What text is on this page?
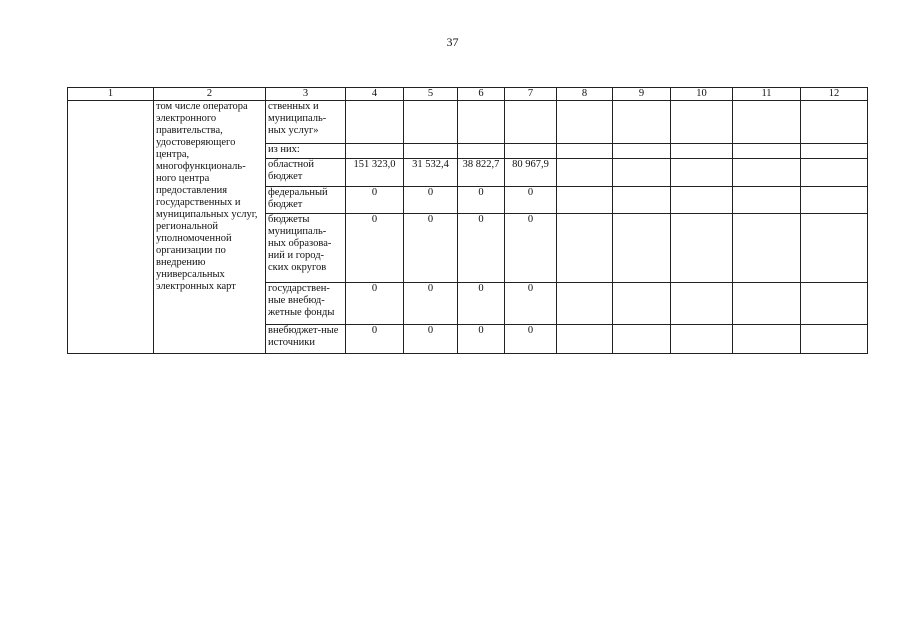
37
1	2	3	4	5	6	7	8	9	10	11	12
	том числе оператора электронного правительства, удостоверяющего центра, многофункциональ-ного центра предоставления государственных и муниципальных услуг, региональной уполномоченной организации по внедрению универсальных электронных карт	ственных и муниципаль-ных услуг»									
		из них:									
		областной бюджет	151 323,0	31 532,4	38 822,7	80 967,9					
		федеральный бюджет	0	0	0	0					
		бюджеты муниципаль-ных образова-ний и город-ских округов	0	0	0	0					
		государствен-ные внебюд-жетные фонды	0	0	0	0					
		внебюджет-ные источники	0	0	0	0					
